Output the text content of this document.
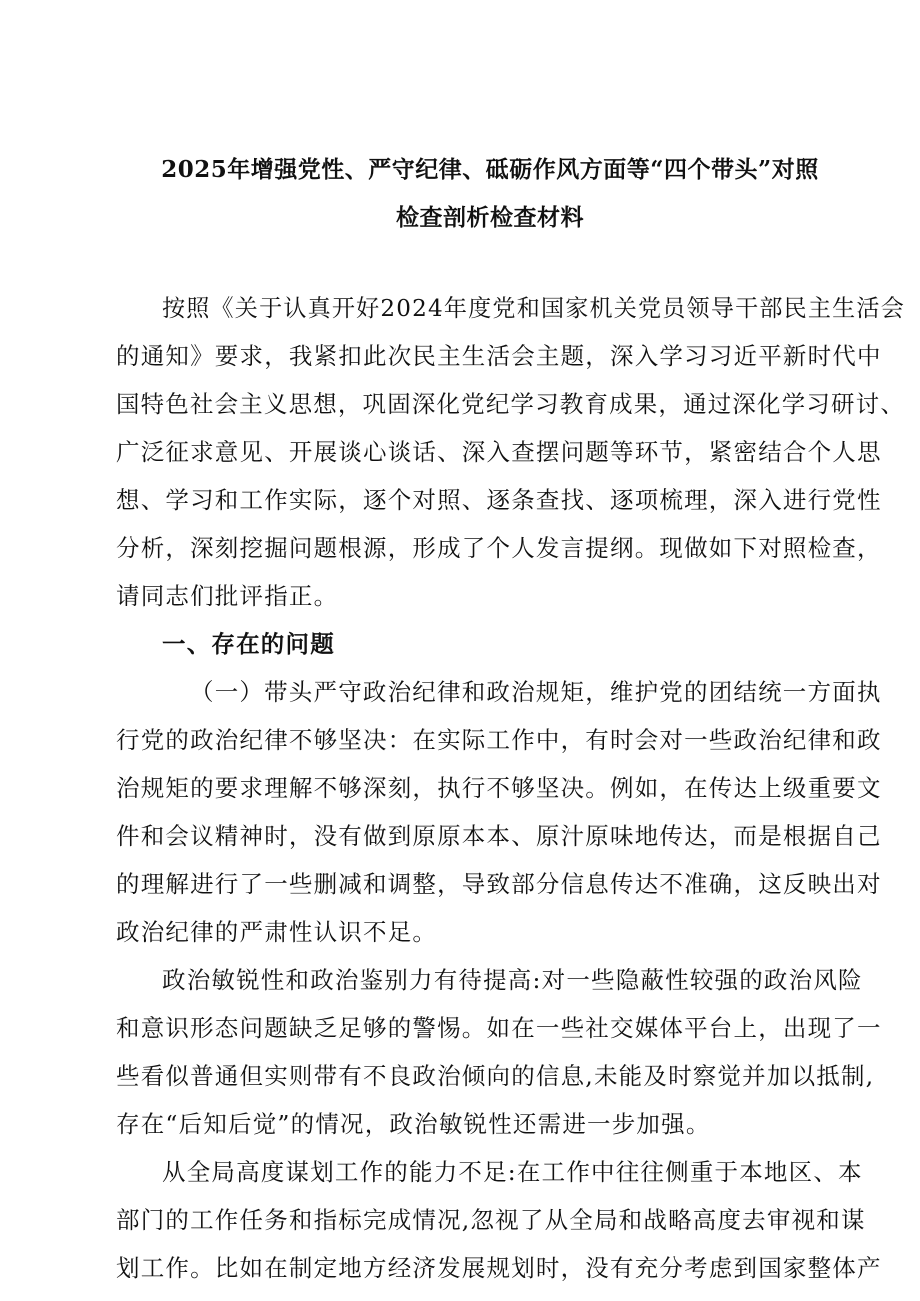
2025年增强党性、严守纪律、砥砺作风方面等“四个带头”对照
检查剖析检查材料
按照《关于认真开好2024年度党和国家机关党员领导干部民主生活会
的通知》要求，我紧扣此次民主生活会主题，深入学习习近平新时代中
国特色社会主义思想，巩固深化党纪学习教育成果，通过深化学习研讨、
广泛征求意见、开展谈心谈话、深入查摆问题等环节，紧密结合个人思
想、学习和工作实际，逐个对照、逐条查找、逐项梳理，深入进行党性
分析，深刻挖掘问题根源，形成了个人发言提纲。现做如下对照检查，
请同志们批评指正。
一、存在的问题
（一）带头严守政治纪律和政治规矩，维护党的团结统一方面执
行党的政治纪律不够坚决：在实际工作中，有时会对一些政治纪律和政
治规矩的要求理解不够深刻，执行不够坚决。例如，在传达上级重要文
件和会议精神时，没有做到原原本本、原汁原味地传达，而是根据自己
的理解进行了一些删减和调整，导致部分信息传达不准确，这反映出对
政治纪律的严肃性认识不足。
政治敏锐性和政治鉴别力有待提高:对一些隐蔽性较强的政治风险
和意识形态问题缺乏足够的警惕。如在一些社交媒体平台上，出现了一
些看似普通但实则带有不良政治倾向的信息,未能及时察觉并加以抵制,
存在“后知后觉”的情况，政治敏锐性还需进一步加强。
从全局高度谋划工作的能力不足:在工作中往往侧重于本地区、本
部门的工作任务和指标完成情况,忽视了从全局和战略高度去审视和谋
划工作。比如在制定地方经济发展规划时，没有充分考虑到国家整体产
